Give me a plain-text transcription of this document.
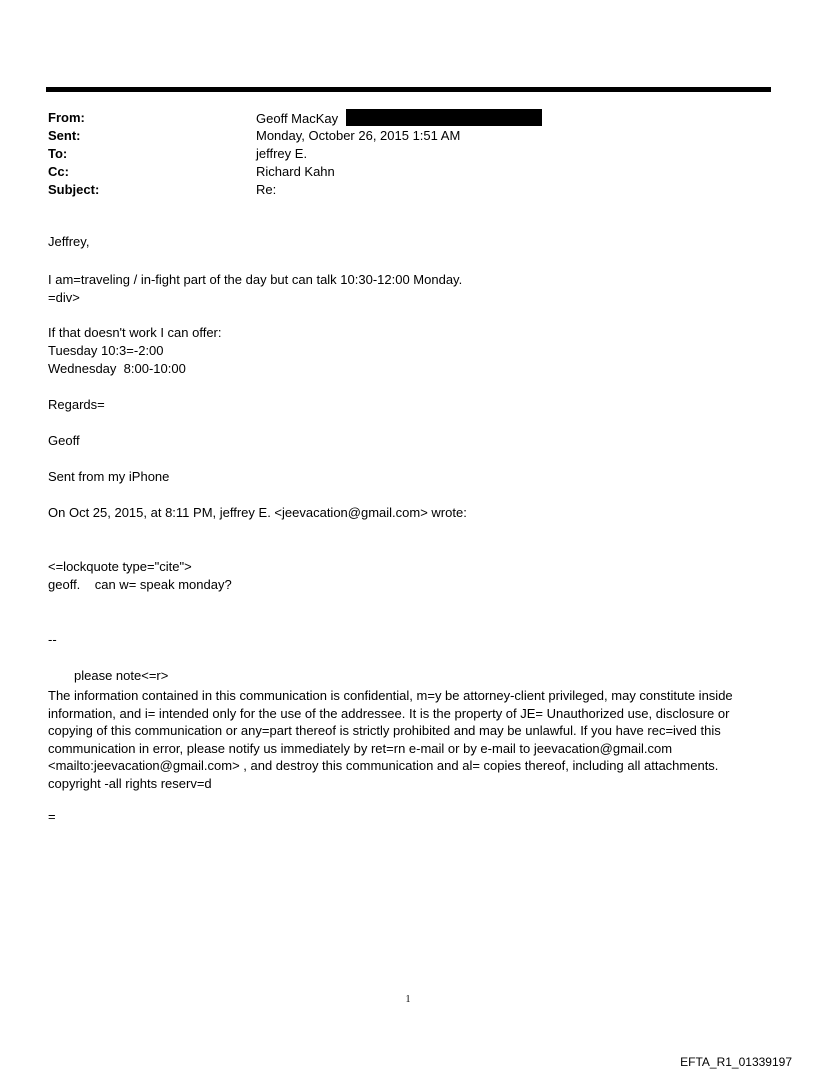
From:	Geoff MacKay
Sent:	Monday, October 26, 2015 1:51 AM
To:	jeffrey E.
Cc:	Richard Kahn
Subject:	Re:
Jeffrey,
I am=traveling / in-fight part of the day but can talk 10:30-12:00 Monday.
=div>
If that doesn't work I can offer:
Tuesday 10:3=-2:00
Wednesday  8:00-10:00
Regards=
Geoff
Sent from my iPhone
On Oct 25, 2015, at 8:11 PM, jeffrey E. <jeevacation@gmail.com> wrote:
<=lockquote type="cite">
geoff.    can w= speak monday?
--
please note<=r>
The information contained in this communication is confidential, m=y be attorney-client privileged, may constitute inside information, and i= intended only for the use of the addressee. It is the property of JE= Unauthorized use, disclosure or copying of this communication or any=part thereof is strictly prohibited and may be unlawful. If you have rec=ived this communication in error, please notify us immediately by ret=rn e-mail or by e-mail to jeevacation@gmail.com <mailto:jeevacation@gmail.com> , and destroy this communication and al= copies thereof, including all attachments. copyright -all rights reserv=d
=
1
EFTA_R1_01339197
